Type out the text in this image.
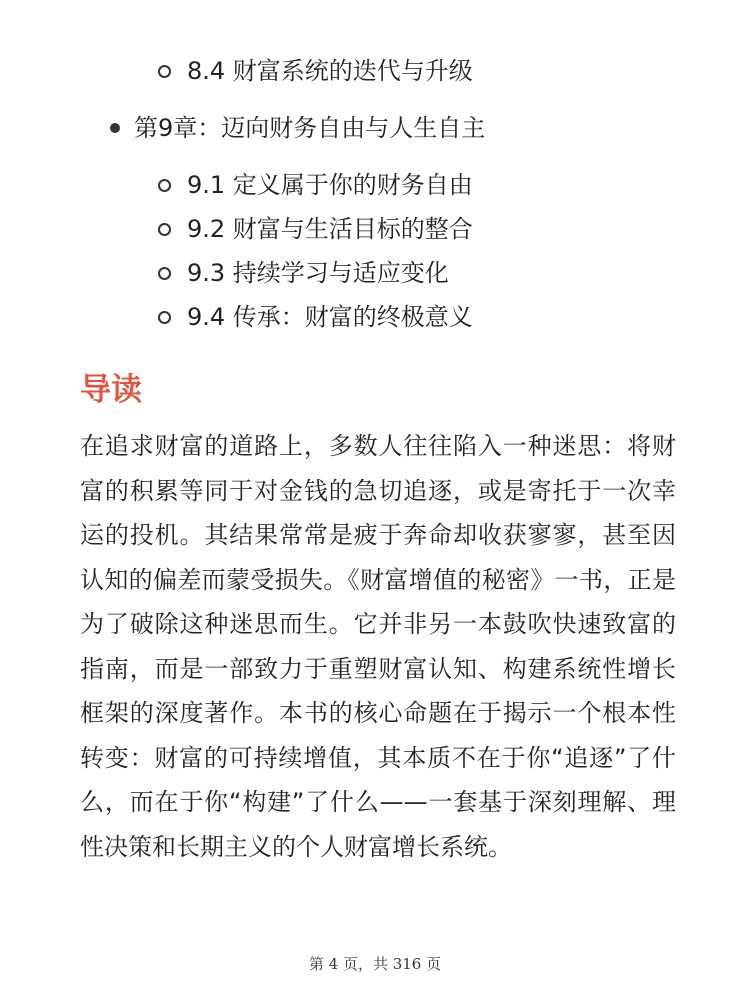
8.4 财富系统的迭代与升级
第9章：迈向财务自由与人生自主
9.1 定义属于你的财务自由
9.2 财富与生活目标的整合
9.3 持续学习与适应变化
9.4 传承：财富的终极意义
导读

在追求财富的道路上，多数人往往陷入一种迷思：将财富的积累等同于对金钱的急切追逐，或是寄托于一次幸运的投机。其结果常常是疲于奔命却收获寥寥，甚至因认知的偏差而蒙受损失。《财富增值的秘密》一书，正是为了破除这种迷思而生。它并非另一本鼓吹快速致富的指南，而是一部致力于重塑财富认知、构建系统性增长框架的深度著作。本书的核心命题在于揭示一个根本性转变：财富的可持续增值，其本质不在于你“追逐”了什么，而在于你“构建”了什么——一套基于深刻理解、理性决策和长期主义的个人财富增长系统。

第 4 页，共 316 页
